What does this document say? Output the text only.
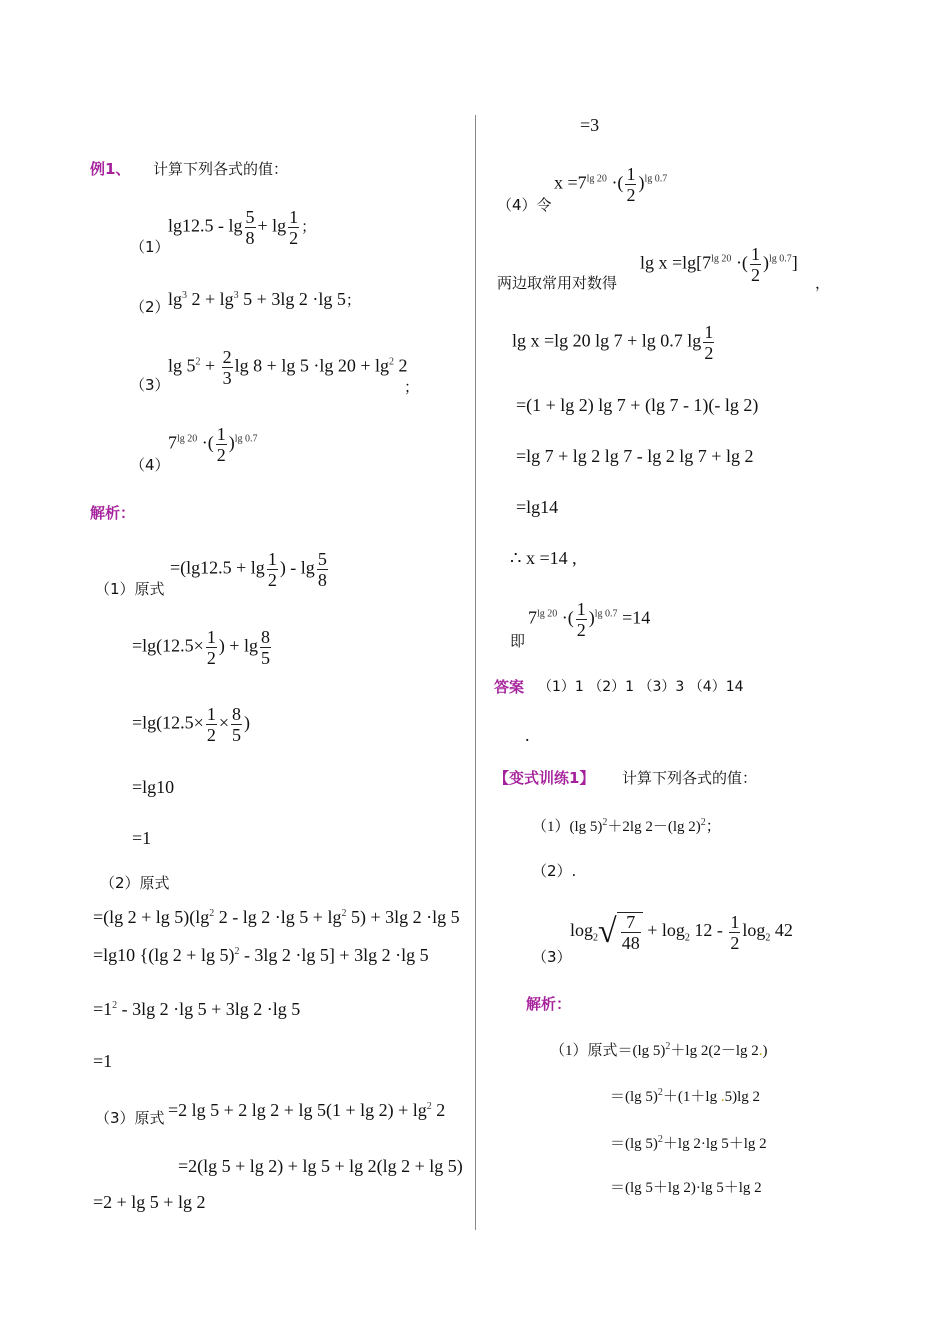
例1、 计算下列各式的值：
（1）
$\lg 12.5 - \lg \frac{5}{8} + \lg \frac{1}{2}$ ；
（2）
$\lg^3 2 + \lg^3 5 + 3\lg$ 2 ·lg 5；
（3）
$\lg 5^2 + \frac{2}{3}$ lg 8 + lg 5 ·lg $20 + \lg^2 2$
；
（4）
$7^{lg 20}$ ·( $\frac{1}{2} )^{lg 0.7}$
解析：
（1）原式
$=(\lg 12.5 + \lg \frac{1}{2}$ ) - $\lg \frac{5}{8}$
$=\lg(12.5\times \frac{1}{2}$ ) + $\lg \frac{8}{5}$
$=\lg(12.5\times \frac{1}{2} \times \frac{8}{5}$ )
=lg10
=1
（2）原式
=(lg $2 + \lg 5)(\lg^2$ 2 - lg 2 ·lg $5 + \lg^2 5) + 3\lg$ 2 ·lg 5
=lg10 {(lg 2 + lg 5)$^2$ - 3lg 2 ·lg 5] + 3lg 2 ·lg 5
$=1^2 - 3\lg$ 2 ·lg 5 + 3lg 2 ·lg 5
=1
（3）原式 =2 lg 5 + 2 $\lg 2 + \lg 5(1 + \lg 2) + \lg^2 2$
=2(lg 5 + lg 2) + lg 5 + lg 2(lg 2 + lg 5)
=2 + lg 5 + lg 2
=3
（4）令
$x =7^{lg 20}$ ·( $\frac{1}{2} )^{lg 0.7}$
两边取常用对数得
$\lg x =\lg[7^{lg 20}$ ·( $\frac{1}{2} )^{lg 0.7}$]
，
lg x =lg 20 lg 7 + lg 0.7 $\lg \frac{1}{2}$
=(1 + lg 2) lg 7 + (lg 7 - 1)(- lg 2)
=lg 7 + lg 2 lg 7 - lg 2 lg 7 + lg 2
=lg14
∴ x =14 ,
即
$7^{lg 20}$ ·( $\frac{1}{2} )^{lg 0.7} =14$
答案 （1）1 （2）1 （3）3 （4）14
.
【变式训练1】 计算下列各式的值：
（1）(lg 5)$^2$＋2lg 2－(lg 2)$^2$；
（2）.
（3）
$\log_2√ \frac{7}{48} + \log_2 12 - \frac{1}{2} \log_2 42$
解析：
（1）原式＝(lg 5)$^2$＋lg 2(2－lg 2.)
＝(lg 5)$^2$＋(1＋lg .5)lg 2
＝(lg 5)$^2$＋lg 2·lg 5＋lg 2
＝(lg 5＋lg 2)·lg 5＋lg 2
